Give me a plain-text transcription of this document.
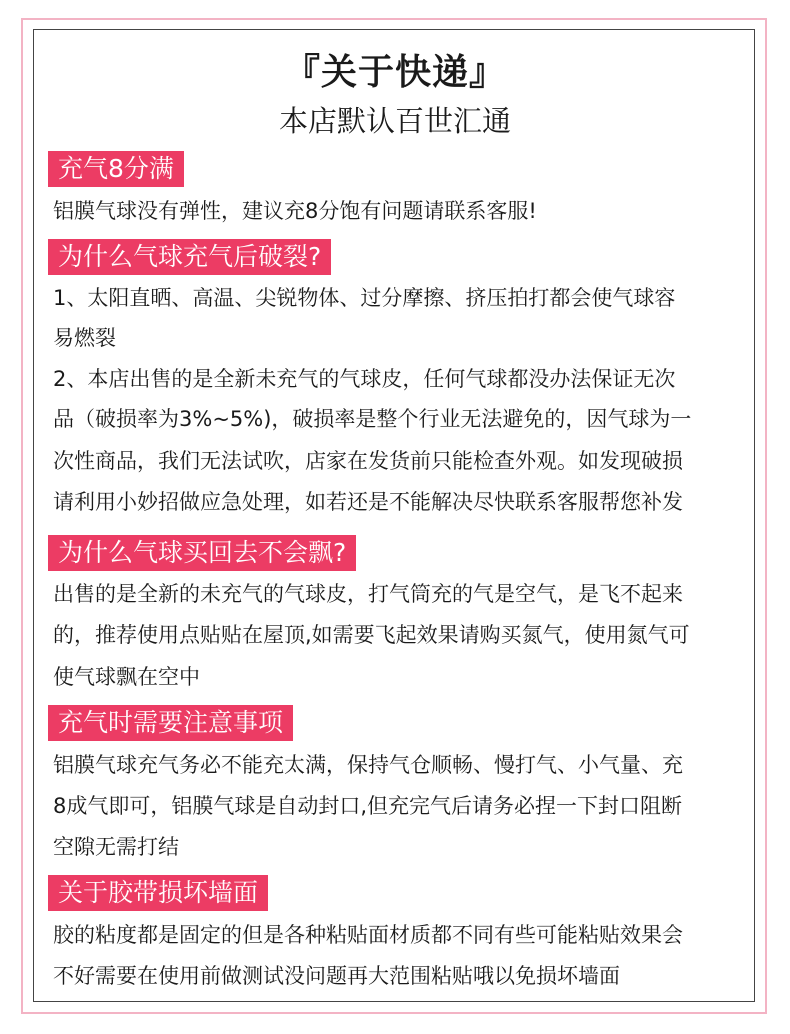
『关于快递』
本店默认百世汇通
充气8分满
铝膜气球没有弹性，建议充8分饱有问题请联系客服!
为什么气球充气后破裂?
1、太阳直晒、高温、尖锐物体、过分摩擦、挤压拍打都会使气球容
易燃裂
2、本店出售的是全新未充气的气球皮，任何气球都没办法保证无次
品（破损率为3%~5%)，破损率是整个行业无法避免的，因气球为一
次性商品，我们无法试吹，店家在发货前只能检查外观。如发现破损
请利用小妙招做应急处理，如若还是不能解决尽快联系客服帮您补发
为什么气球买回去不会飘?
出售的是全新的未充气的气球皮，打气筒充的气是空气，是飞不起来
的，推荐使用点贴贴在屋顶,如需要飞起效果请购买氮气，使用氮气可
使气球飘在空中
充气时需要注意事项
铝膜气球充气务必不能充太满，保持气仓顺畅、慢打气、小气量、充
8成气即可，铝膜气球是自动封口,但充完气后请务必捏一下封口阻断
空隙无需打结
关于胶带损坏墙面
胶的粘度都是固定的但是各种粘贴面材质都不同有些可能粘贴效果会
不好需要在使用前做测试没问题再大范围粘贴哦以免损坏墙面
